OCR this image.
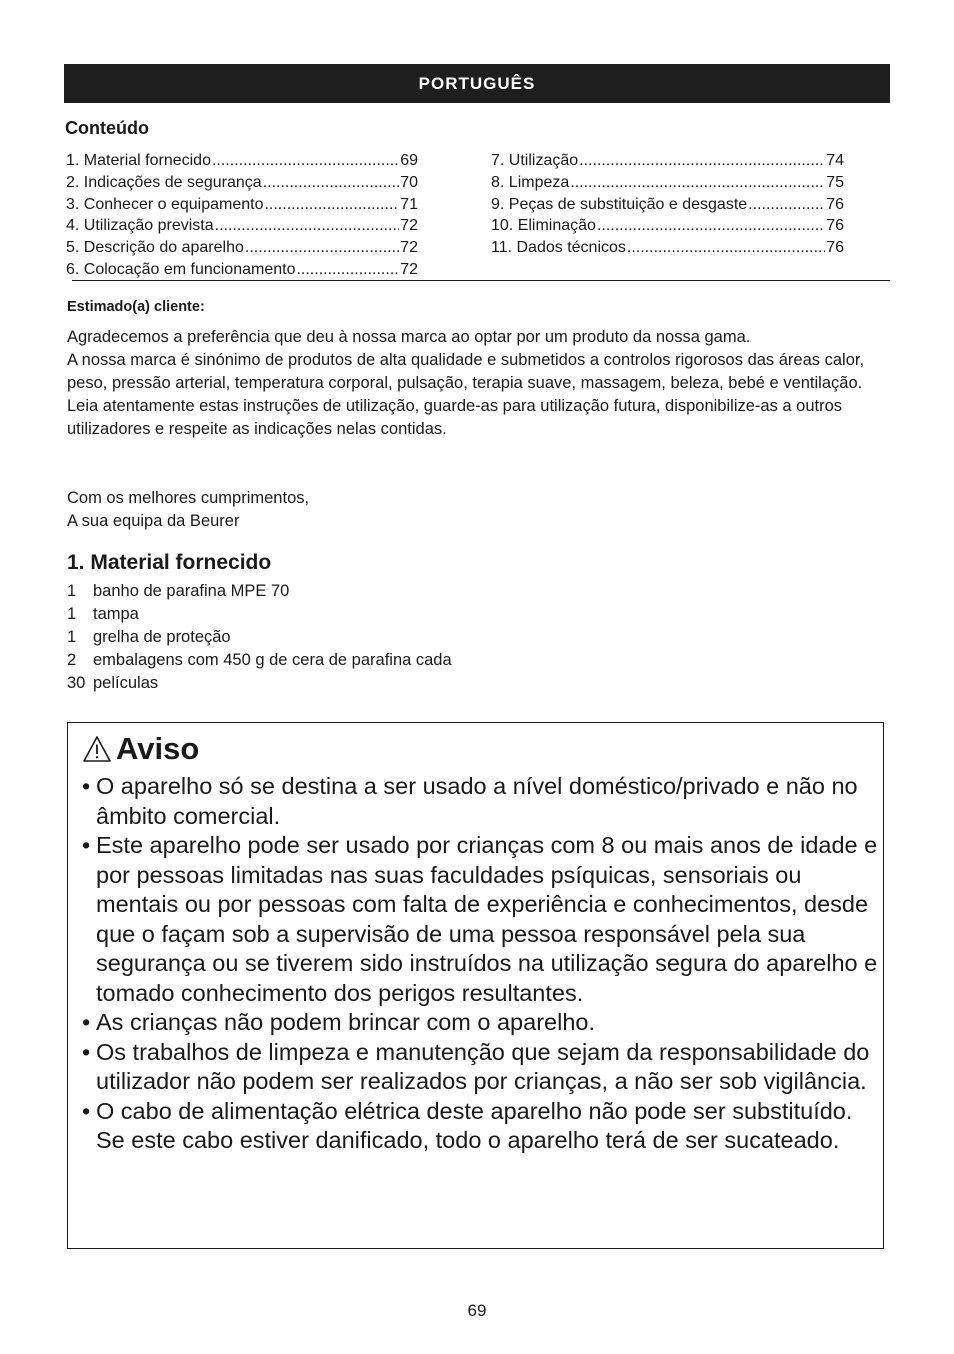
PORTUGUÊS
Conteúdo
1. Material fornecido .....	69
2. Indicações de segurança .....	70
3. Conhecer o equipamento .....	71
4. Utilização prevista .....	72
5. Descrição do aparelho .....	72
6. Colocação em funcionamento .....	72
7. Utilização .....	74
8. Limpeza .....	75
9. Peças de substituição e desgaste .....	76
10. Eliminação .....	76
11. Dados técnicos .....	76
Estimado(a) cliente:

Agradecemos a preferência que deu à nossa marca ao optar por um produto da nossa gama.

A nossa marca é sinónimo de produtos de alta qualidade e submetidos a controlos rigorosos das áreas calor, peso, pressão arterial, temperatura corporal, pulsação, terapia suave, massagem, beleza, bebé e ventilação.

Leia atentamente estas instruções de utilização, guarde-as para utilização futura, disponibilize-as a outros utilizadores e respeite as indicações nelas contidas.

Com os melhores cumprimentos,

A sua equipa da Beurer

1. Material fornecido
1	banho de parafina MPE 70
1	tampa
1	grelha de proteção
2	embalagens com 450 g de cera de parafina cada
30 películas
Aviso
• O aparelho só se destina a ser usado a nível doméstico/privado e não no âmbito comercial.
• Este aparelho pode ser usado por crianças com 8 ou mais anos de idade e por pessoas limitadas nas suas faculdades psíquicas, sensoriais ou mentais ou por pessoas com falta de experiência e conhecimentos, desde que o façam sob a supervisão de uma pessoa responsável pela sua segurança ou se tiverem sido instruídos na utilização segura do aparelho e tomado conhecimento dos perigos resultantes.
• As crianças não podem brincar com o aparelho.
• Os trabalhos de limpeza e manutenção que sejam da responsabilidade do utilizador não podem ser realizados por crianças, a não ser sob vigilância.
• O cabo de alimentação elétrica deste aparelho não pode ser substituído. Se este cabo estiver danificado, todo o aparelho terá de ser sucateado.
69
